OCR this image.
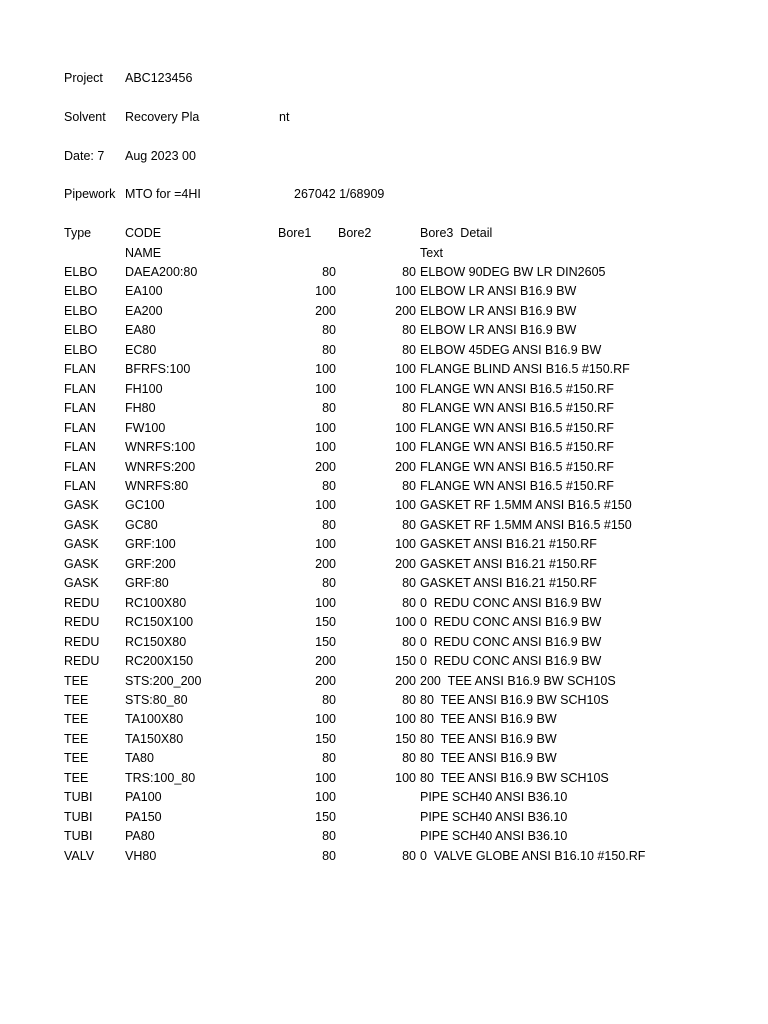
Project ABC123456
Solvent Recovery Pla	nt
Date: 7 Aug 2023 00
Pipework MTO for =4HI	267042 1/68909
Type	CODE	Bore1 Bore2	Bore3  Detail
NAME	Text
ELBO DAEA200:80	80	80 ELBOW 90DEG BW LR DIN2605
ELBO EA100	100	100 ELBOW LR ANSI B16.9 BW
ELBO EA200	200	200 ELBOW LR ANSI B16.9 BW
ELBO EA80	80	80 ELBOW LR ANSI B16.9 BW
ELBO EC80	80	80 ELBOW 45DEG ANSI B16.9 BW
FLAN BFRFS:100	100	100 FLANGE BLIND ANSI B16.5 #150.RF
FLAN FH100	100	100 FLANGE WN ANSI B16.5 #150.RF
FLAN FH80	80	80 FLANGE WN ANSI B16.5 #150.RF
FLAN FW100	100	100 FLANGE WN ANSI B16.5 #150.RF
FLAN WNRFS:100	100	100 FLANGE WN ANSI B16.5 #150.RF
FLAN WNRFS:200	200	200 FLANGE WN ANSI B16.5 #150.RF
FLAN WNRFS:80	80	80 FLANGE WN ANSI B16.5 #150.RF
GASK GC100	100	100 GASKET RF 1.5MM ANSI B16.5 #150
GASK GC80	80	80 GASKET RF 1.5MM ANSI B16.5 #150
GASK GRF:100	100	100 GASKET ANSI B16.21 #150.RF
GASK GRF:200	200	200 GASKET ANSI B16.21 #150.RF
GASK GRF:80	80	80 GASKET ANSI B16.21 #150.RF
REDU RC100X80	100	80 0  REDU CONC ANSI B16.9 BW
REDU RC150X100	150	100 0  REDU CONC ANSI B16.9 BW
REDU RC150X80	150	80 0  REDU CONC ANSI B16.9 BW
REDU RC200X150	200	150 0  REDU CONC ANSI B16.9 BW
TEE	STS:200_200	200	200 200  TEE ANSI B16.9 BW SCH10S
TEE	STS:80_80	80	80 80  TEE ANSI B16.9 BW SCH10S
TEE	TA100X80	100	100 80  TEE ANSI B16.9 BW
TEE	TA150X80	150	150 80  TEE ANSI B16.9 BW
TEE	TA80	80	80 80  TEE ANSI B16.9 BW
TEE	TRS:100_80	100	100 80  TEE ANSI B16.9 BW SCH10S
TUBI	PA100	100	PIPE SCH40 ANSI B36.10
TUBI	PA150	150	PIPE SCH40 ANSI B36.10
TUBI	PA80	80	PIPE SCH40 ANSI B36.10
VALV VH80	80	80 0  VALVE GLOBE ANSI B16.10 #150.RF
